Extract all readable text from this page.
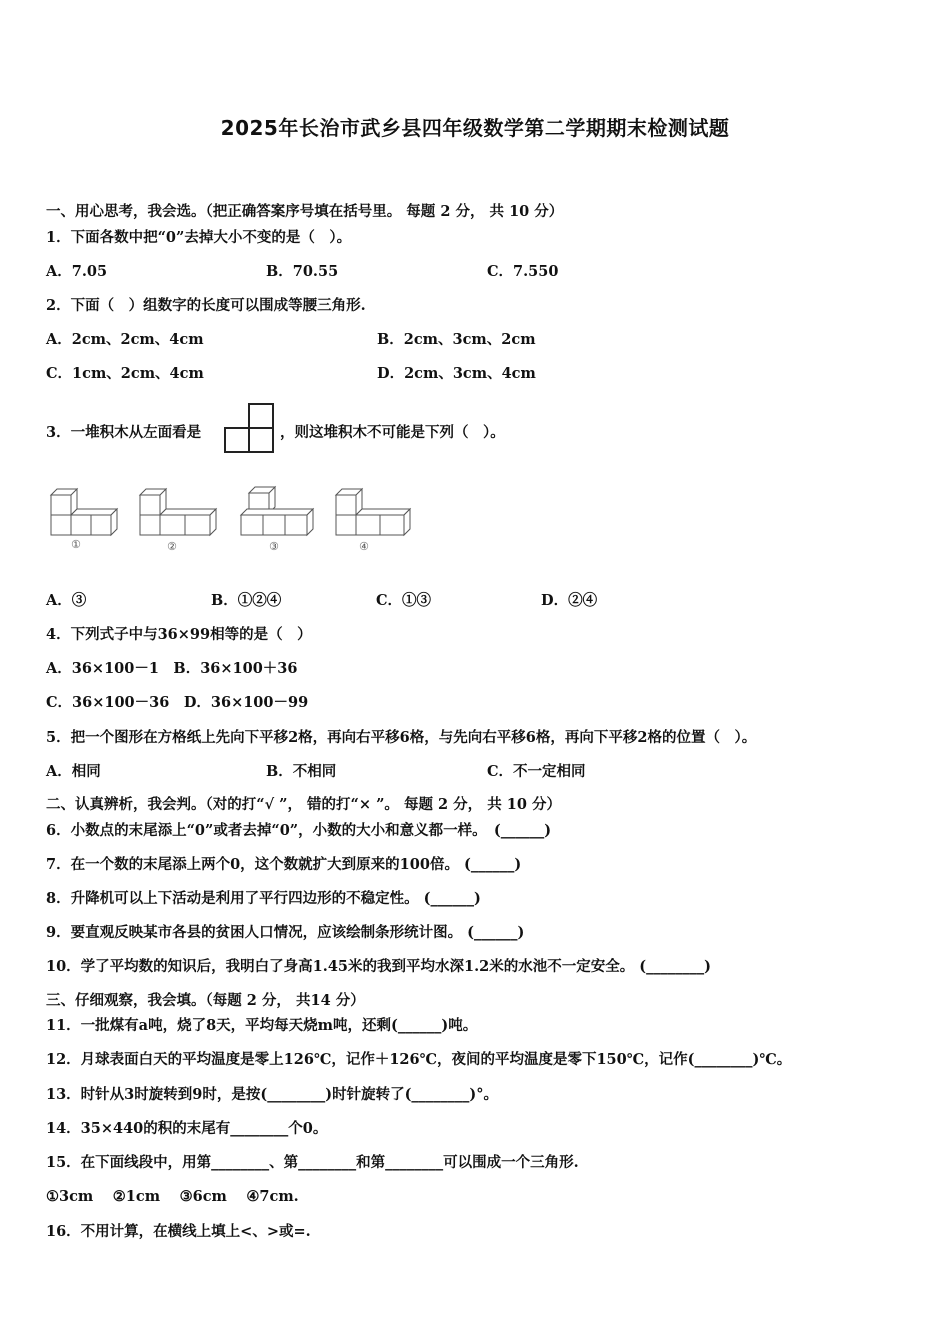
2025年长治市武乡县四年级数学第二学期期末检测试题
一、用心思考，我会选。（把正确答案序号填在括号里。 每题 2 分， 共 10 分）
1．下面各数中把“0”去掉大小不变的是（　）。
A．7.05	B．70.55	C．7.550
2．下面（　）组数字的长度可以围成等腰三角形.
A．2cm、2cm、4cm	B．2cm、3cm、2cm
C．1cm、2cm、4cm	D．2cm、3cm、4cm
3．一堆积木从左面看是	，则这堆积木不可能是下列（　）。
①	②	③	④
A．③	B．①②④	C．①③	D．②④
4．下列式子中与36×99相等的是（　）
A．36×100－1　B．36×100＋36
C．36×100－36　D．36×100－99
5．把一个图形在方格纸上先向下平移2格，再向右平移6格，与先向右平移6格，再向下平移2格的位置（　）。
A．相同	B．不相同	C．不一定相同
二、认真辨析，我会判。（对的打“√ ”， 错的打“× ”。 每题 2 分， 共 10 分）
6．小数点的末尾添上“0”或者去掉“0”，小数的大小和意义都一样。　(______)
7．在一个数的末尾添上两个0，这个数就扩大到原来的100倍。 (______)
8．升降机可以上下活动是利用了平行四边形的不稳定性。 (______)
9．要直观反映某市各县的贫困人口情况，应该绘制条形统计图。 (______)
10．学了平均数的知识后，我明白了身高1.45米的我到平均水深1.2米的水池不一定安全。 (________)
三、仔细观察，我会填。（每题 2 分， 共14 分）
11．一批煤有a吨，烧了8天，平均每天烧m吨，还剩(______)吨。
12．月球表面白天的平均温度是零上126℃，记作＋126℃，夜间的平均温度是零下150℃，记作(________)℃。
13．时针从3时旋转到9时，是按(________)时针旋转了(________)°。
14．35×440的积的末尾有________个0。
15．在下面线段中，用第________、第________和第________可以围成一个三角形.
①3cm　 ②1cm　 ③6cm　 ④7cm.
16．不用计算，在横线上填上<、>或=.
